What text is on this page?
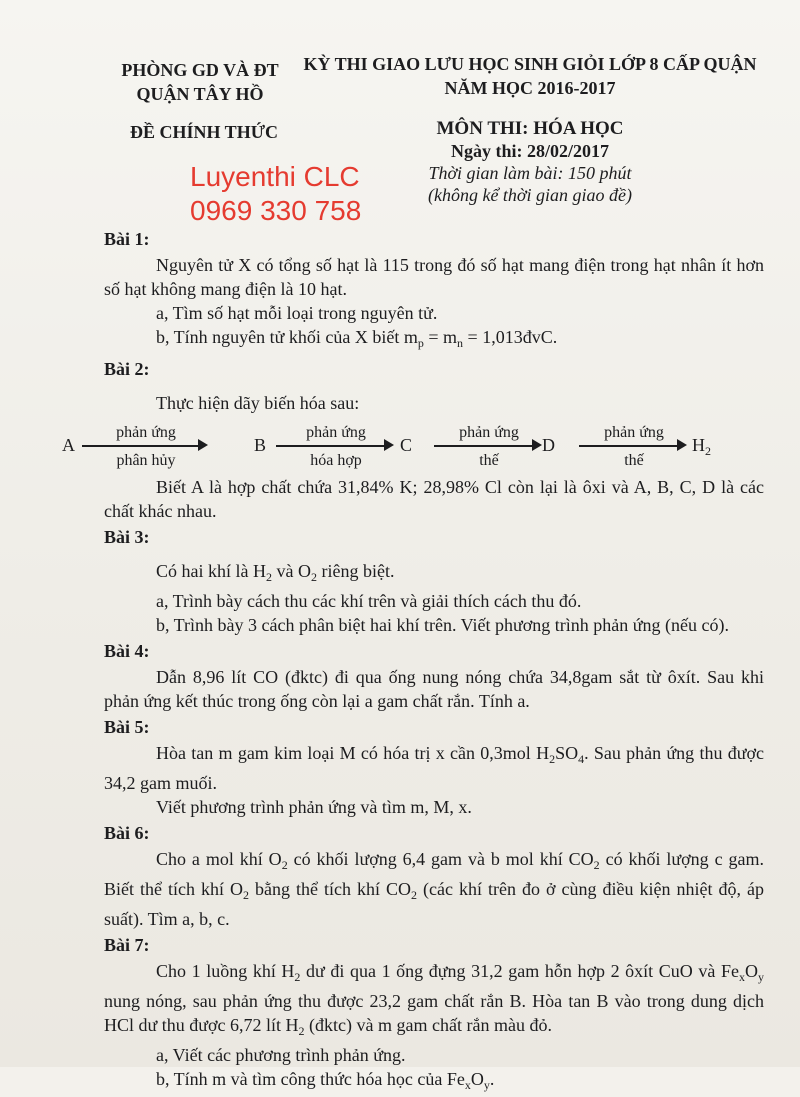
PHÒNG GD VÀ ĐT
QUẬN TÂY HỒ
KỲ THI GIAO LƯU HỌC SINH GIỎI LỚP 8 CẤP QUẬN
NĂM HỌC 2016-2017
ĐỀ CHÍNH THỨC	MÔN THI: HÓA HỌC
Ngày thi: 28/02/2017
Thời gian làm bài: 150 phút
(không kể thời gian giao đề)
Luyenthi CLC
0969 330 758
Bài 1:

Nguyên tử X có tổng số hạt là 115 trong đó số hạt mang điện trong hạt nhân ít hơn số hạt không mang điện là 10 hạt.

a, Tìm số hạt mỗi loại trong nguyên tử.

b, Tính nguyên tử khối của X biết $m_p = m_n$ = 1,013đvC.

Bài 2:

Thực hiện dãy biến hóa sau:

A
phản ứng
phân hủy
B
phản ứng
hóa hợp
C
phản ứng
thế
D
phản ứng
thế
$H_2$

Biết A là hợp chất chứa 31,84% K; 28,98% Cl còn lại là ôxi và A, B, C, D là các chất khác nhau.

Bài 3:

Có hai khí là $H_2$ và $O_2$ riêng biệt.

a, Trình bày cách thu các khí trên và giải thích cách thu đó.

b, Trình bày 3 cách phân biệt hai khí trên. Viết phương trình phản ứng (nếu có).

Bài 4:

Dẫn 8,96 lít CO (đktc) đi qua ống nung nóng chứa 34,8gam sắt từ ôxít. Sau khi phản ứng kết thúc trong ống còn lại a gam chất rắn. Tính a.

Bài 5:

Hòa tan m gam kim loại M có hóa trị x cần 0,3mol $H_2SO_4$. Sau phản ứng thu được 34,2 gam muối.

Viết phương trình phản ứng và tìm m, M, x.

Bài 6:

Cho a mol khí $O_2$ có khối lượng 6,4 gam và b mol khí $CO_2$ có khối lượng c gam. Biết thể tích khí $O_2$ bằng thể tích khí $CO_2$ (các khí trên đo ở cùng điều kiện nhiệt độ, áp suất). Tìm a, b, c.

Bài 7:

Cho 1 luồng khí $H_2$ dư đi qua 1 ống đựng 31,2 gam hỗn hợp 2 ôxít CuO và $Fe_xO_y$ nung nóng, sau phản ứng thu được 23,2 gam chất rắn B. Hòa tan B vào trong dung dịch HCl dư thu được 6,72 lít $H_2$ (đktc) và m gam chất rắn màu đỏ.

a, Viết các phương trình phản ứng.

b, Tính m và tìm công thức hóa học của $Fe_xO_y$.
